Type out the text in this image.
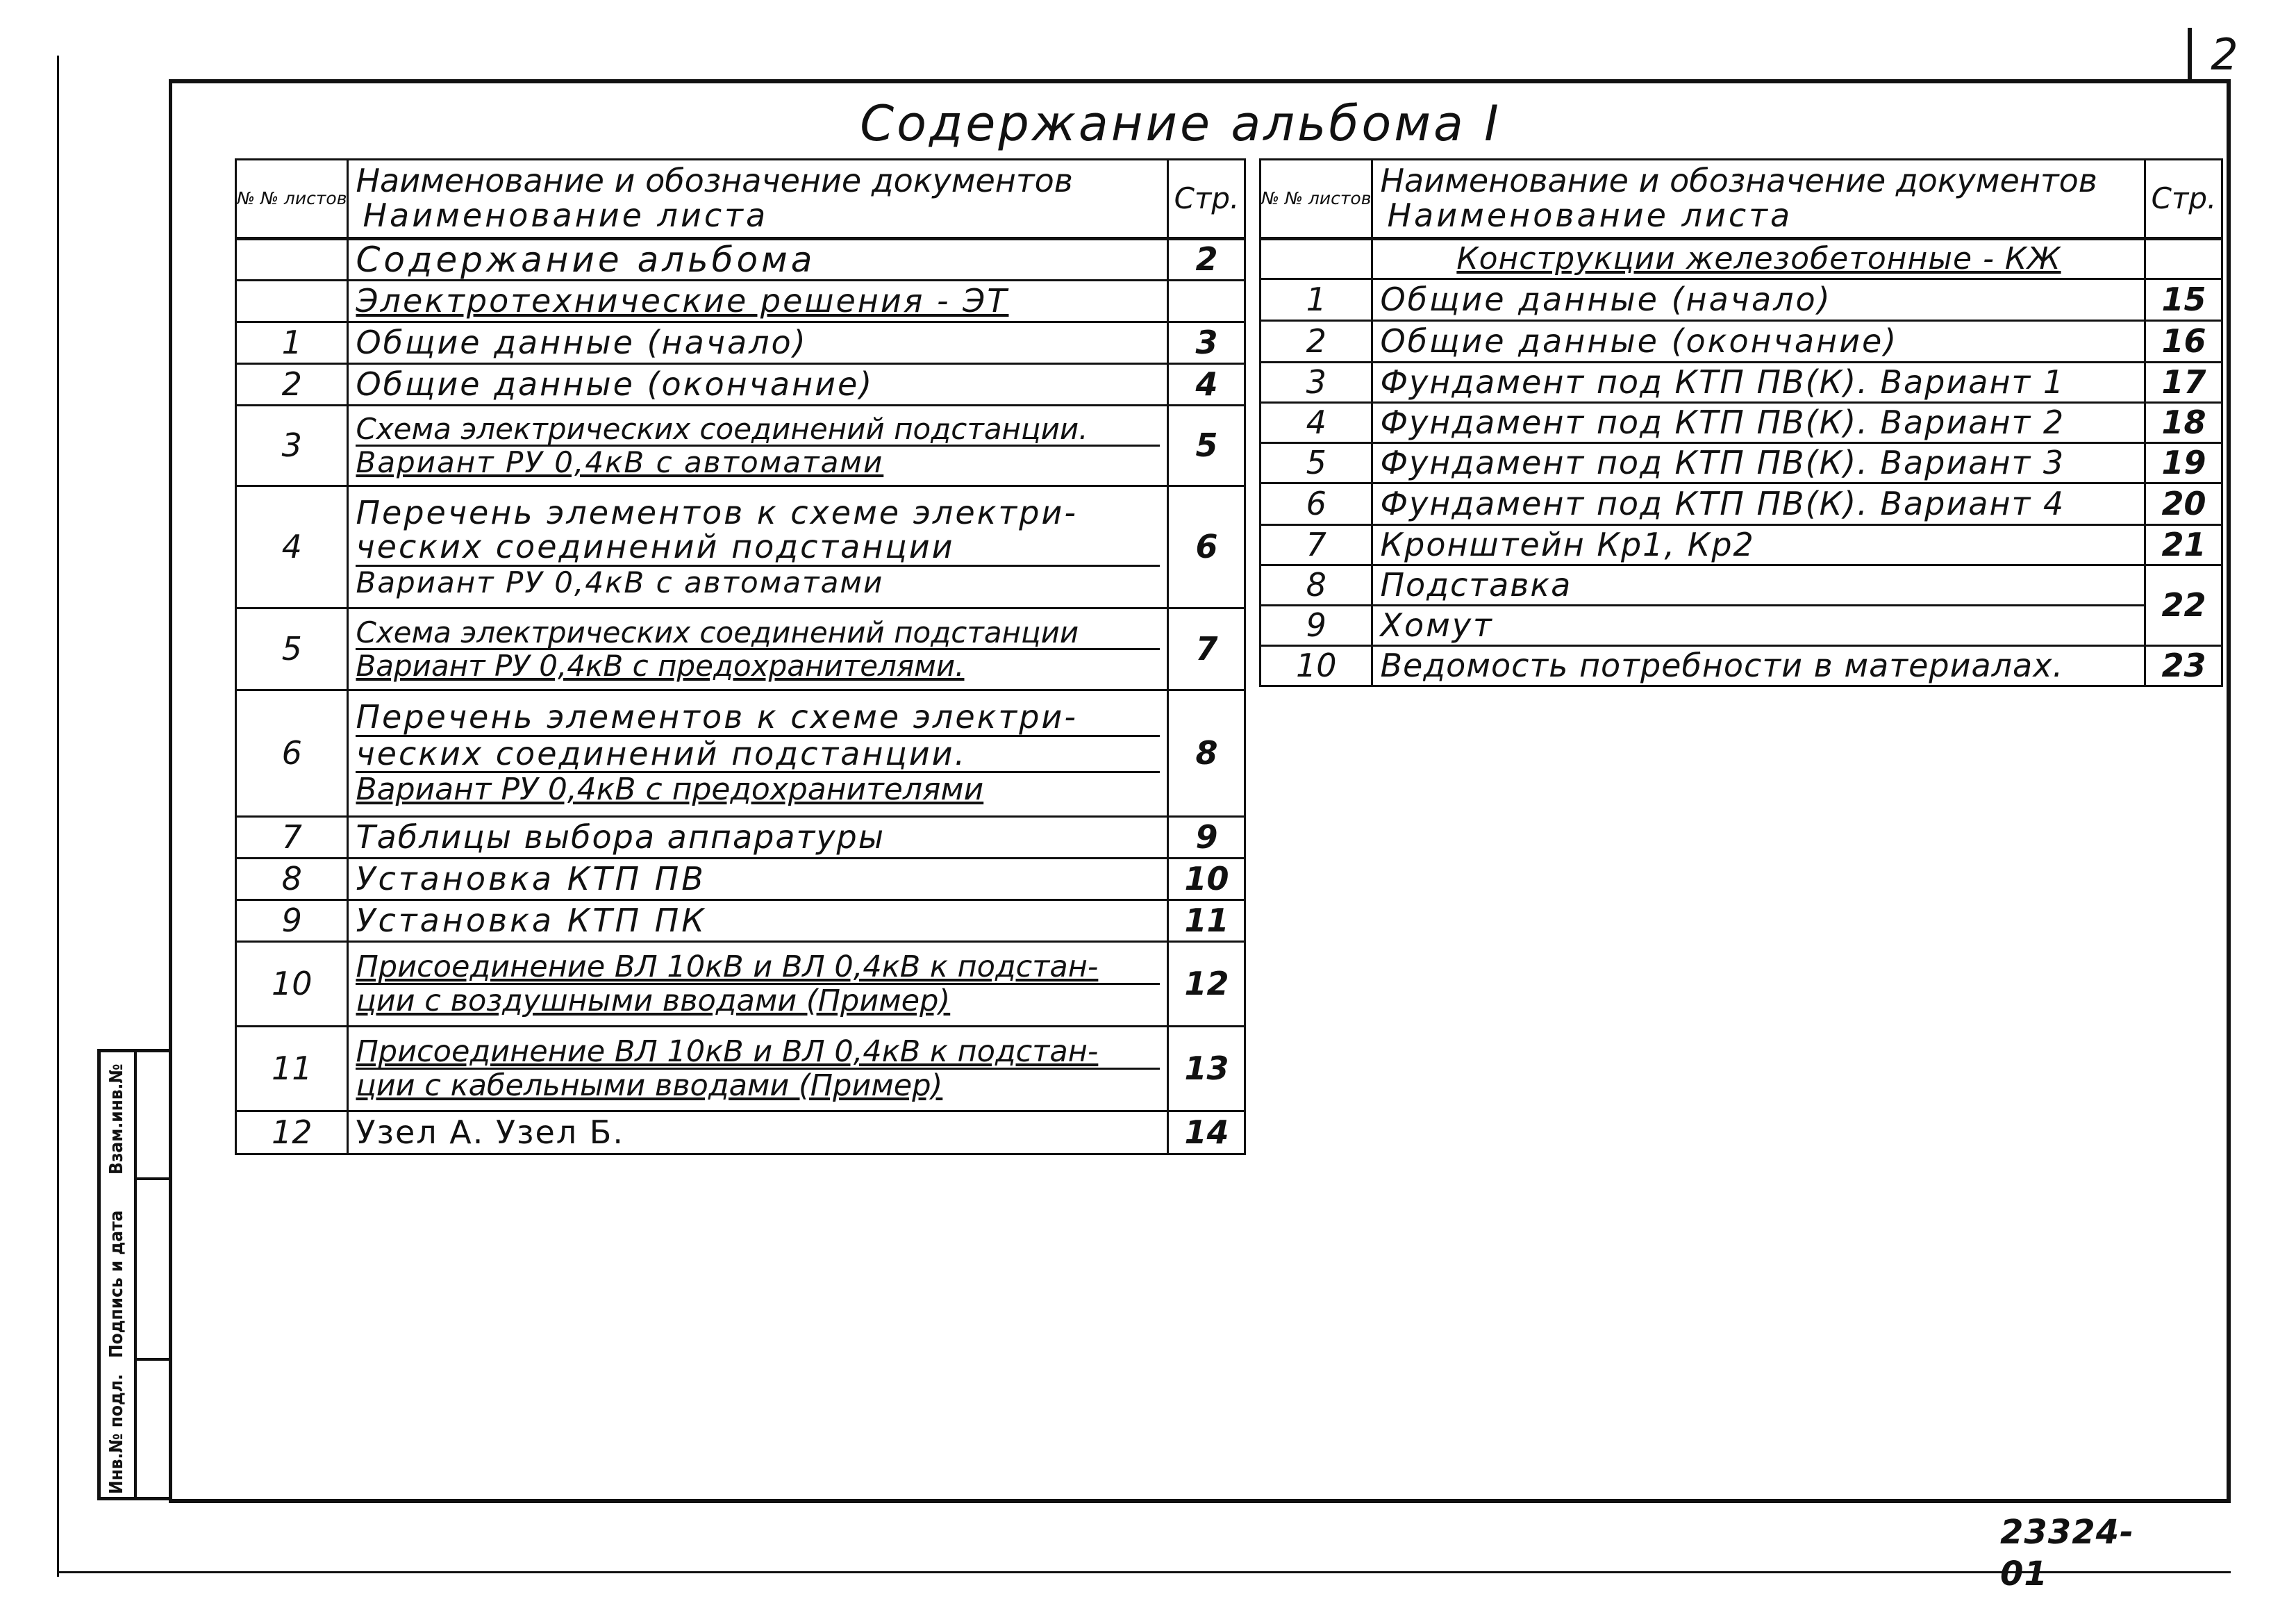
2
Содержание альбома I
№ № листов	Наименование и обозначение документов
Наименование листа	Стр.
	Содержание альбома	2
	Электротехнические решения - ЭТ	
1	Общие данные (начало)	3
2	Общие данные (окончание)	4
3	Схема электрических соединений подстанции.
Вариант РУ 0,4кВ с автоматами	5
4	Перечень элементов к схеме электри-
ческих соединений подстанции
Вариант РУ 0,4кВ с автоматами	6
5	Схема электрических соединений подстанции
Вариант РУ 0,4кВ с предохранителями.	7
6	Перечень элементов к схеме электри-
ческих соединений подстанции.
Вариант РУ 0,4кВ с предохранителями	8
7	Таблицы выбора аппаратуры	9
8	Установка КТП ПВ	10
9	Установка КТП ПК	11
10	Присоединение ВЛ 10кВ и ВЛ 0,4кВ к подстан-
ции с воздушными вводами (Пример)	12
11	Присоединение ВЛ 10кВ и ВЛ 0,4кВ к подстан-
ции с кабельными вводами (Пример)	13
12	Узел А. Узел Б.	14
№ № листов	Наименование и обозначение документов
Наименование листа	Стр.
	Конструкции железобетонные - КЖ	
1	Общие данные (начало)	15
2	Общие данные (окончание)	16
3	Фундамент под КТП ПВ(К). Вариант 1	17
4	Фундамент под КТП ПВ(К). Вариант 2	18
5	Фундамент под КТП ПВ(К). Вариант 3	19
6	Фундамент под КТП ПВ(К). Вариант 4	20
7	Кронштейн Кр1, Кр2	21
8	Подставка	22
9	Хомут	
10	Ведомость потребности в материалах.	23
Инв.№ подл.
Подпись и дата
Взам.инв.№
23324-01
